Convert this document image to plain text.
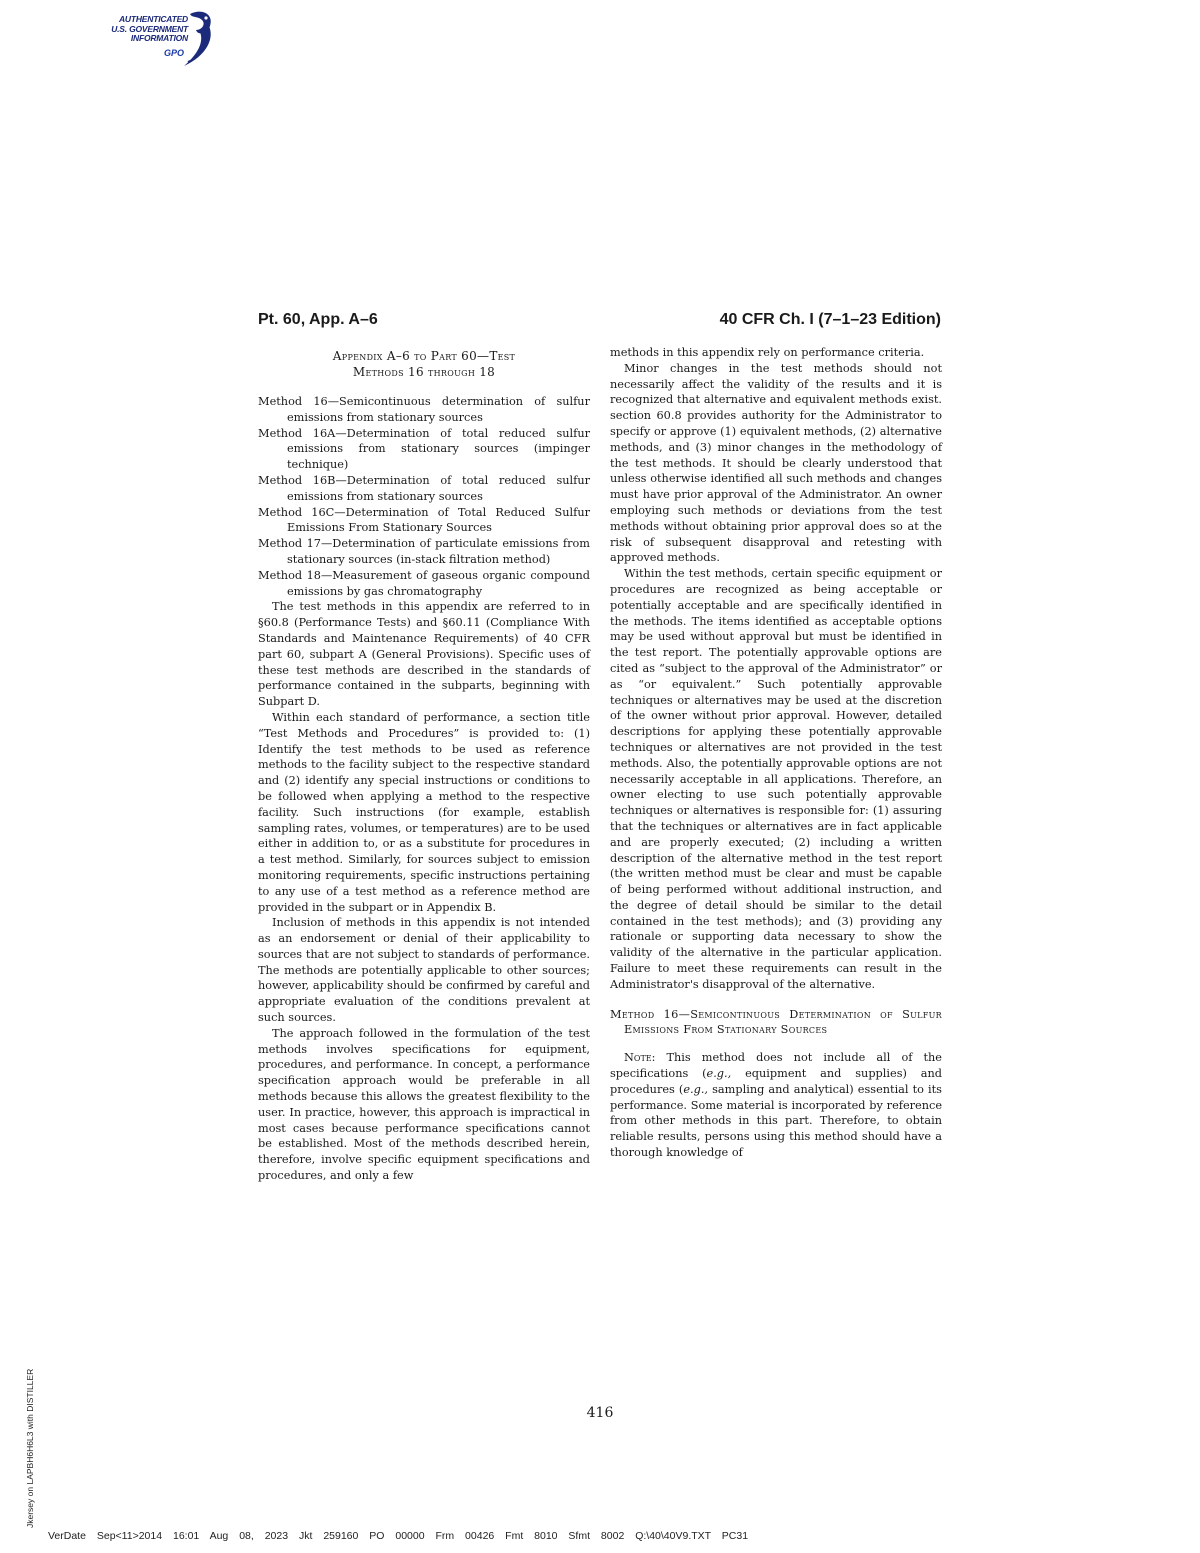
AUTHENTICATED
U.S. GOVERNMENT
INFORMATION
GPO
Pt. 60, App. A–6	40 CFR Ch. I (7–1–23 Edition)
Appendix A–6 to Part 60—Test
Methods 16 through 18

Method 16—Semicontinuous determination of sulfur emissions from stationary sources

Method 16A—Determination of total reduced sulfur emissions from stationary sources (impinger technique)

Method 16B—Determination of total reduced sulfur emissions from stationary sources

Method 16C—Determination of Total Reduced Sulfur Emissions From Stationary Sources

Method 17—Determination of particulate emissions from stationary sources (in-stack filtration method)

Method 18—Measurement of gaseous organic compound emissions by gas chromatography

The test methods in this appendix are referred to in §60.8 (Performance Tests) and §60.11 (Compliance With Standards and Maintenance Requirements) of 40 CFR part 60, subpart A (General Provisions). Specific uses of these test methods are described in the standards of performance contained in the subparts, beginning with Subpart D.

Within each standard of performance, a section title “Test Methods and Procedures” is provided to: (1) Identify the test methods to be used as reference methods to the facility subject to the respective standard and (2) identify any special instructions or conditions to be followed when applying a method to the respective facility. Such instructions (for example, establish sampling rates, volumes, or temperatures) are to be used either in addition to, or as a substitute for procedures in a test method. Similarly, for sources subject to emission monitoring requirements, specific instructions pertaining to any use of a test method as a reference method are provided in the subpart or in Appendix B.

Inclusion of methods in this appendix is not intended as an endorsement or denial of their applicability to sources that are not subject to standards of performance. The methods are potentially applicable to other sources; however, applicability should be confirmed by careful and appropriate evaluation of the conditions prevalent at such sources.

The approach followed in the formulation of the test methods involves specifications for equipment, procedures, and performance. In concept, a performance specification approach would be preferable in all methods because this allows the greatest flexibility to the user. In practice, however, this approach is impractical in most cases because performance specifications cannot be established. Most of the methods described herein, therefore, involve specific equipment specifications and procedures, and only a few

methods in this appendix rely on performance criteria.

Minor changes in the test methods should not necessarily affect the validity of the results and it is recognized that alternative and equivalent methods exist. section 60.8 provides authority for the Administrator to specify or approve (1) equivalent methods, (2) alternative methods, and (3) minor changes in the methodology of the test methods. It should be clearly understood that unless otherwise identified all such methods and changes must have prior approval of the Administrator. An owner employing such methods or deviations from the test methods without obtaining prior approval does so at the risk of subsequent disapproval and retesting with approved methods.

Within the test methods, certain specific equipment or procedures are recognized as being acceptable or potentially acceptable and are specifically identified in the methods. The items identified as acceptable options may be used without approval but must be identified in the test report. The potentially approvable options are cited as “subject to the approval of the Administrator” or as “or equivalent.” Such potentially approvable techniques or alternatives may be used at the discretion of the owner without prior approval. However, detailed descriptions for applying these potentially approvable techniques or alternatives are not provided in the test methods. Also, the potentially approvable options are not necessarily acceptable in all applications. Therefore, an owner electing to use such potentially approvable techniques or alternatives is responsible for: (1) assuring that the techniques or alternatives are in fact applicable and are properly executed; (2) including a written description of the alternative method in the test report (the written method must be clear and must be capable of being performed without additional instruction, and the degree of detail should be similar to the detail contained in the test methods); and (3) providing any rationale or supporting data necessary to show the validity of the alternative in the particular application. Failure to meet these requirements can result in the Administrator's disapproval of the alternative.

Method 16—Semicontinuous Determination of Sulfur Emissions From Stationary Sources

Note: This method does not include all of the specifications (e.g., equipment and supplies) and procedures (e.g., sampling and analytical) essential to its performance. Some material is incorporated by reference from other methods in this part. Therefore, to obtain reliable results, persons using this method should have a thorough knowledge of

416
Jkersey on LAPBH6H6L3 with DISTILLER
VerDate Sep<11>2014 16:01 Aug 08, 2023 Jkt 259160 PO 00000 Frm 00426 Fmt 8010 Sfmt 8002 Q:\40\40V9.TXT PC31
